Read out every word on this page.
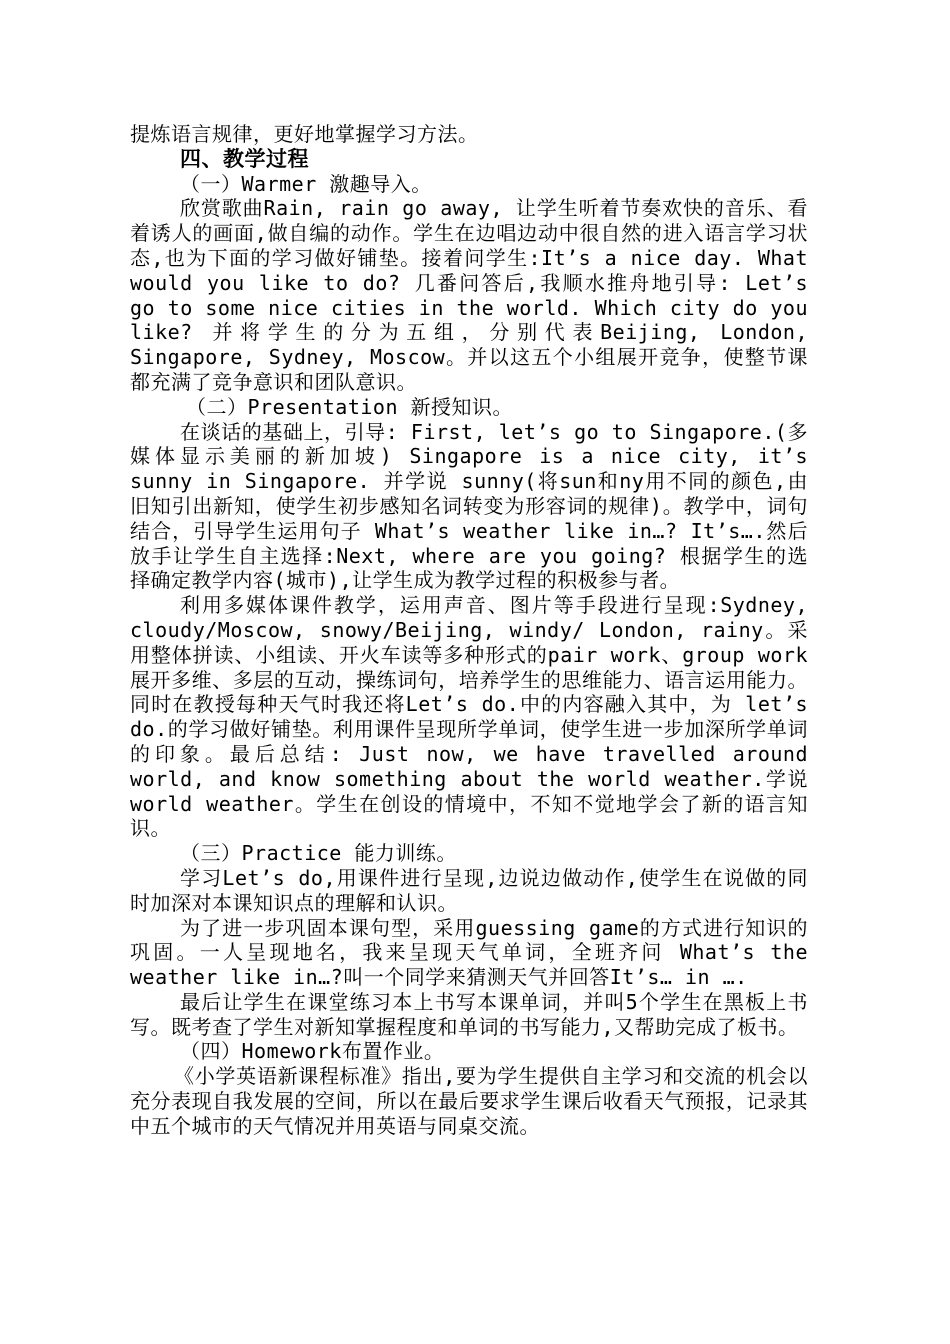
提炼语言规律，更好地掌握学习方法。

四、教学过程

（一）Warmer 激趣导入。

欣赏歌曲Rain, rain go away, 让学生听着节奏欢快的音乐、看着诱人的画面,做自编的动作。学生在边唱边动中很自然的进入语言学习状态,也为下面的学习做好铺垫。接着问学生:It’s a nice day. What would you like to do? 几番问答后,我顺水推舟地引导: Let’s go to some nice cities in the world. Which city do you like? 并将学生的分为五组，分别代表Beijing, London, Singapore, Sydney, Moscow。并以这五个小组展开竞争，使整节课都充满了竞争意识和团队意识。

（二）Presentation 新授知识。

在谈话的基础上，引导: First, let’s go to Singapore.(多媒体显示美丽的新加坡) Singapore is a nice city, it’s sunny in Singapore. 并学说 sunny(将sun和ny用不同的颜色,由旧知引出新知，使学生初步感知名词转变为形容词的规律)。教学中，词句结合，引导学生运用句子 What’s weather like in…? It’s….然后放手让学生自主选择:Next, where are you going? 根据学生的选择确定教学内容(城市),让学生成为教学过程的积极参与者。

利用多媒体课件教学，运用声音、图片等手段进行呈现:Sydney, cloudy/Moscow, snowy/Beijing, windy/ London, rainy。采用整体拼读、小组读、开火车读等多种形式的pair work、group work展开多维、多层的互动，操练词句，培养学生的思维能力、语言运用能力。同时在教授每种天气时我还将Let’s do.中的内容融入其中，为 let’s do.的学习做好铺垫。利用课件呈现所学单词，使学生进一步加深所学单词的印象。最后总结: Just now, we have travelled around world, and know something about the world weather.学说world weather。学生在创设的情境中，不知不觉地学会了新的语言知识。

（三）Practice 能力训练。

学习Let’s do,用课件进行呈现,边说边做动作,使学生在说做的同时加深对本课知识点的理解和认识。

为了进一步巩固本课句型，采用guessing game的方式进行知识的巩固。一人呈现地名，我来呈现天气单词，全班齐问 What’s the weather like in…?叫一个同学来猜测天气并回答It’s… in ….

最后让学生在课堂练习本上书写本课单词，并叫5个学生在黑板上书写。既考查了学生对新知掌握程度和单词的书写能力,又帮助完成了板书。

（四）Homework布置作业。

《小学英语新课程标准》指出,要为学生提供自主学习和交流的机会以充分表现自我发展的空间，所以在最后要求学生课后收看天气预报，记录其中五个城市的天气情况并用英语与同桌交流。
